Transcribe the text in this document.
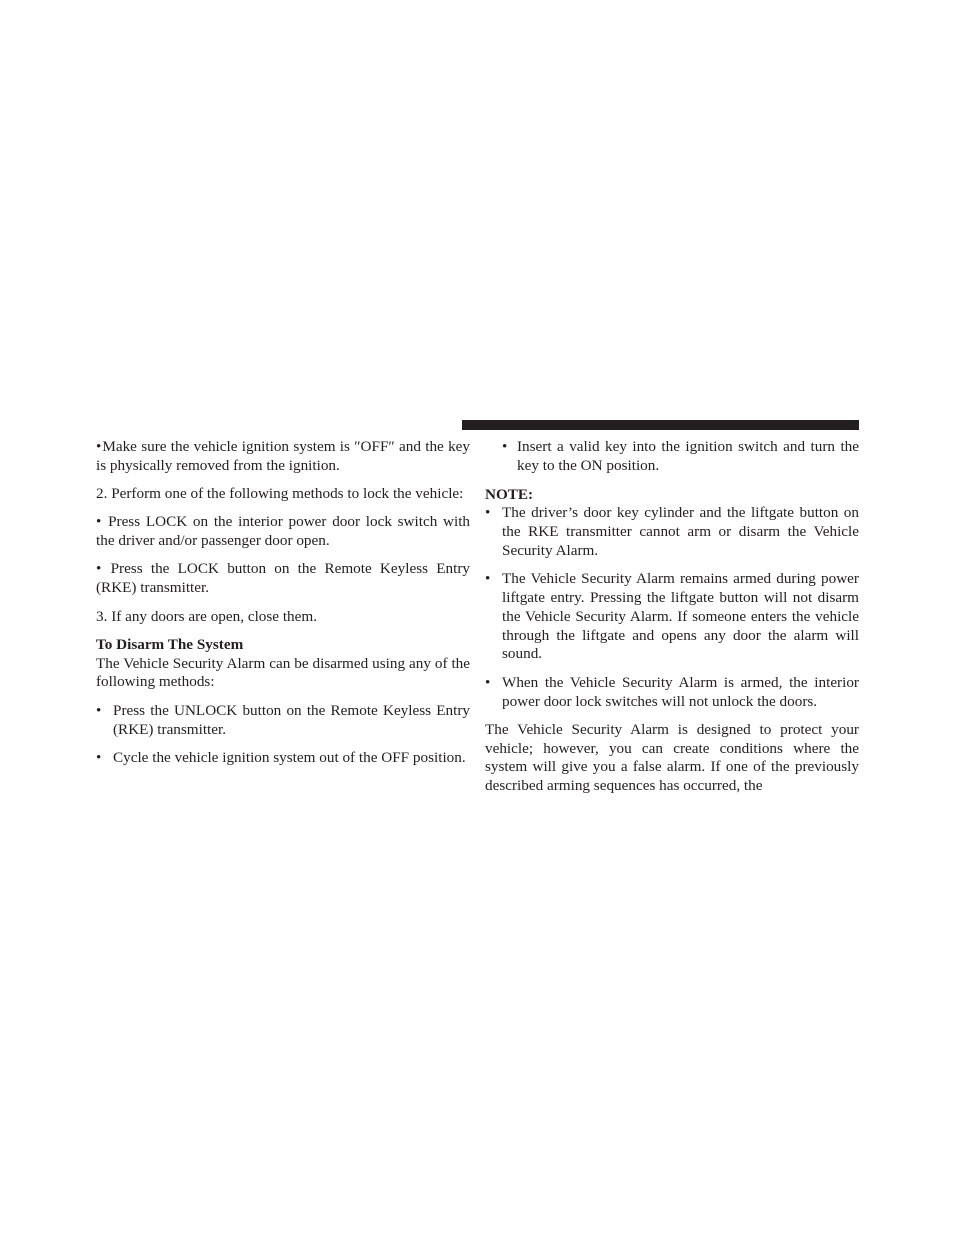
•Make sure the vehicle ignition system is ″OFF″ and the key is physically removed from the ignition.

2. Perform one of the following methods to lock the vehicle:

• Press LOCK on the interior power door lock switch with the driver and/or passenger door open.

• Press the LOCK button on the Remote Keyless Entry (RKE) transmitter.

3. If any doors are open, close them.

To Disarm The System

The Vehicle Security Alarm can be disarmed using any of the following methods:

• Press the UNLOCK button on the Remote Keyless Entry (RKE) transmitter.
• Cycle the vehicle ignition system out of the OFF position.
• Insert a valid key into the ignition switch and turn the key to the ON position.
NOTE:
• The driver’s door key cylinder and the liftgate button on the RKE transmitter cannot arm or disarm the Vehicle Security Alarm.
• The Vehicle Security Alarm remains armed during power liftgate entry. Pressing the liftgate button will not disarm the Vehicle Security Alarm. If someone enters the vehicle through the liftgate and opens any door the alarm will sound.
• When the Vehicle Security Alarm is armed, the interior power door lock switches will not unlock the doors.

The Vehicle Security Alarm is designed to protect your vehicle; however, you can create conditions where the system will give you a false alarm. If one of the previously described arming sequences has occurred, the
